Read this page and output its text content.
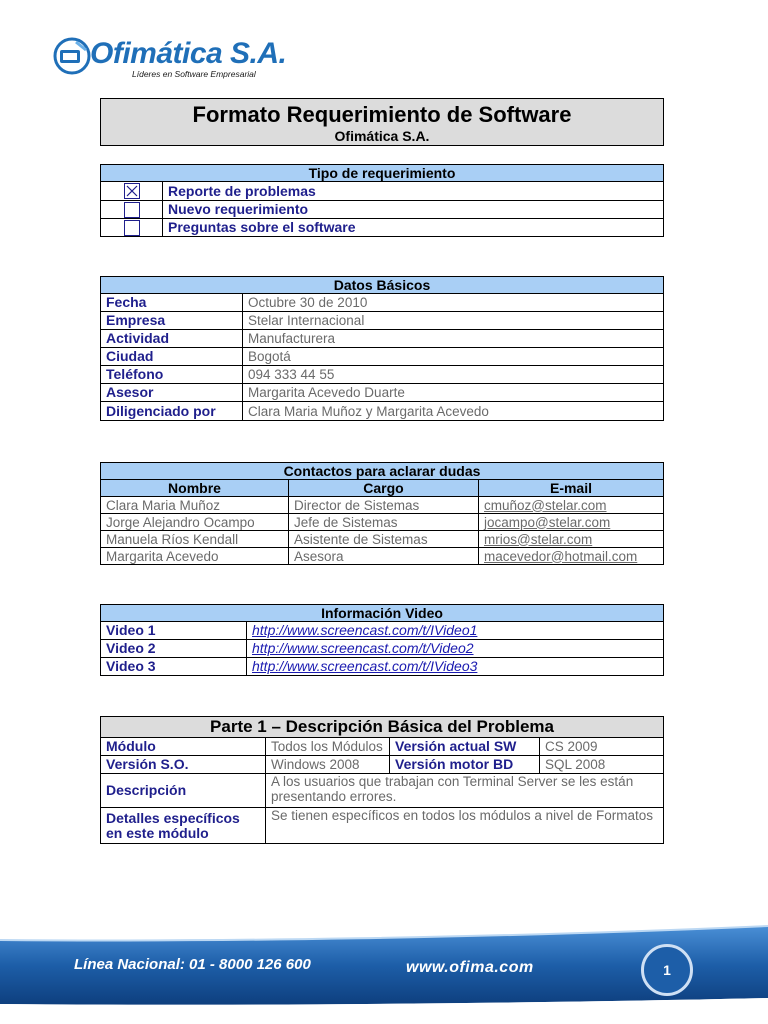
Ofimática S.A.
Líderes en Software Empresarial
Formato Requerimiento de Software
Ofimática S.A.
Tipo de requerimiento	

	Reporte de problemas
	Nuevo requerimiento
	Preguntas sobre el software
Datos Básicos	
Fecha	Octubre 30 de 2010
Empresa	Stelar Internacional
Actividad	Manufacturera
Ciudad	Bogotá
Teléfono	094 333 44 55
Asesor	Margarita Acevedo Duarte
Diligenciado por	Clara Maria Muñoz y Margarita Acevedo
Contactos para aclarar dudas		
Nombre	Cargo	E-mail
Clara Maria Muñoz	Director de Sistemas	cmuñoz@stelar.com
Jorge Alejandro Ocampo	Jefe de Sistemas	jocampo@stelar.com
Manuela Ríos Kendall	Asistente de Sistemas	mrios@stelar.com
Margarita Acevedo	Asesora	macevedor@hotmail.com
Información Video	
Video 1	http://www.screencast.com/t/IVideo1
Video 2	http://www.screencast.com/t/Video2
Video 3	http://www.screencast.com/t/IVideo3
Parte 1 – Descripción Básica del Problema			
Módulo	Todos los Módulos	Versión actual SW	CS 2009
Versión S.O.	Windows 2008	Versión motor BD	SQL 2008
Descripción	A los usuarios que trabajan con Terminal Server se les están presentando errores.		
Detalles específicos en este módulo	Se tienen específicos en todos los módulos a nivel de Formatos		
Línea Nacional: 01 - 8000 126 600	www.ofima.com	1
